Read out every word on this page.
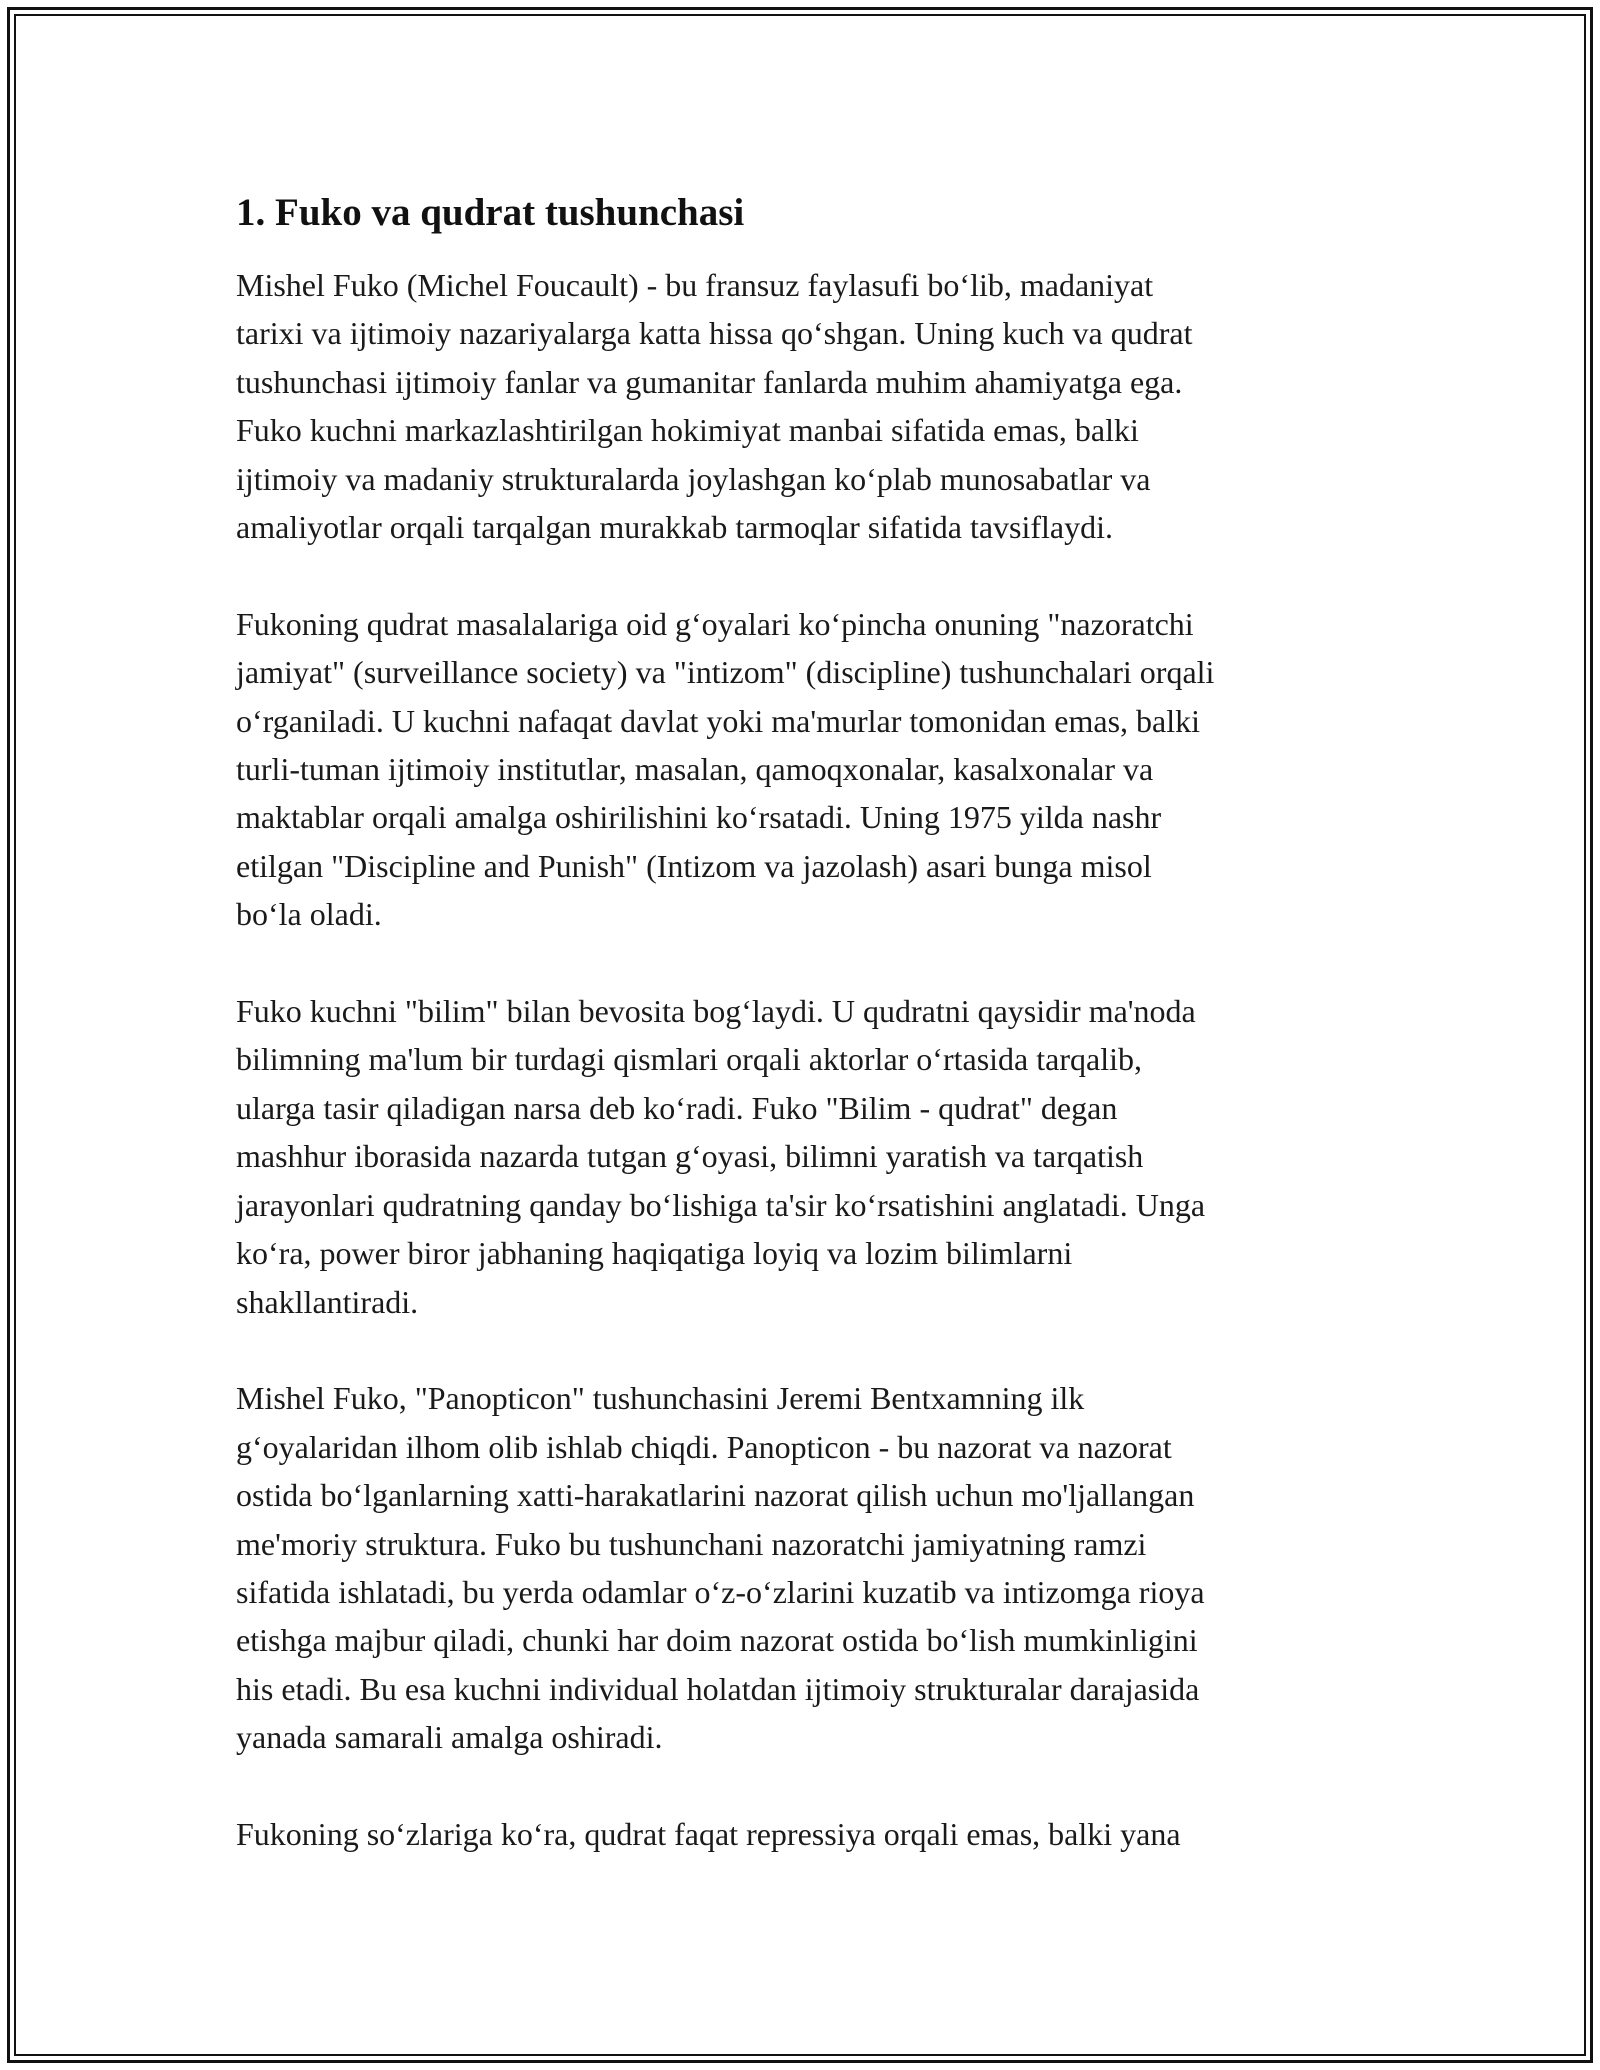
1. Fuko va qudrat tushunchasi

Mishel Fuko (Michel Foucault) - bu fransuz faylasufi bo‘lib, madaniyat
tarixi va ijtimoiy nazariyalarga katta hissa qo‘shgan. Uning kuch va qudrat
tushunchasi ijtimoiy fanlar va gumanitar fanlarda muhim ahamiyatga ega.
Fuko kuchni markazlashtirilgan hokimiyat manbai sifatida emas, balki
ijtimoiy va madaniy strukturalarda joylashgan ko‘plab munosabatlar va
amaliyotlar orqali tarqalgan murakkab tarmoqlar sifatida tavsiflaydi.

Fukoning qudrat masalalariga oid g‘oyalari ko‘pincha onuning "nazoratchi
jamiyat" (surveillance society) va "intizom" (discipline) tushunchalari orqali
o‘rganiladi. U kuchni nafaqat davlat yoki ma'murlar tomonidan emas, balki
turli-tuman ijtimoiy institutlar, masalan, qamoqxonalar, kasalxonalar va
maktablar orqali amalga oshirilishini ko‘rsatadi. Uning 1975 yilda nashr
etilgan "Discipline and Punish" (Intizom va jazolash) asari bunga misol
bo‘la oladi.

Fuko kuchni "bilim" bilan bevosita bog‘laydi. U qudratni qaysidir ma'noda
bilimning ma'lum bir turdagi qismlari orqali aktorlar o‘rtasida tarqalib,
ularga tasir qiladigan narsa deb ko‘radi. Fuko "Bilim - qudrat" degan
mashhur iborasida nazarda tutgan g‘oyasi, bilimni yaratish va tarqatish
jarayonlari qudratning qanday bo‘lishiga ta'sir ko‘rsatishini anglatadi. Unga
ko‘ra, power biror jabhaning haqiqatiga loyiq va lozim bilimlarni
shakllantiradi.

Mishel Fuko, "Panopticon" tushunchasini Jeremi Bentxamning ilk
g‘oyalaridan ilhom olib ishlab chiqdi. Panopticon - bu nazorat va nazorat
ostida bo‘lganlarning xatti-harakatlarini nazorat qilish uchun mo'ljallangan
me'moriy struktura. Fuko bu tushunchani nazoratchi jamiyatning ramzi
sifatida ishlatadi, bu yerda odamlar o‘z-o‘zlarini kuzatib va intizomga rioya
etishga majbur qiladi, chunki har doim nazorat ostida bo‘lish mumkinligini
his etadi. Bu esa kuchni individual holatdan ijtimoiy strukturalar darajasida
yanada samarali amalga oshiradi.

Fukoning so‘zlariga ko‘ra, qudrat faqat repressiya orqali emas, balki yana
